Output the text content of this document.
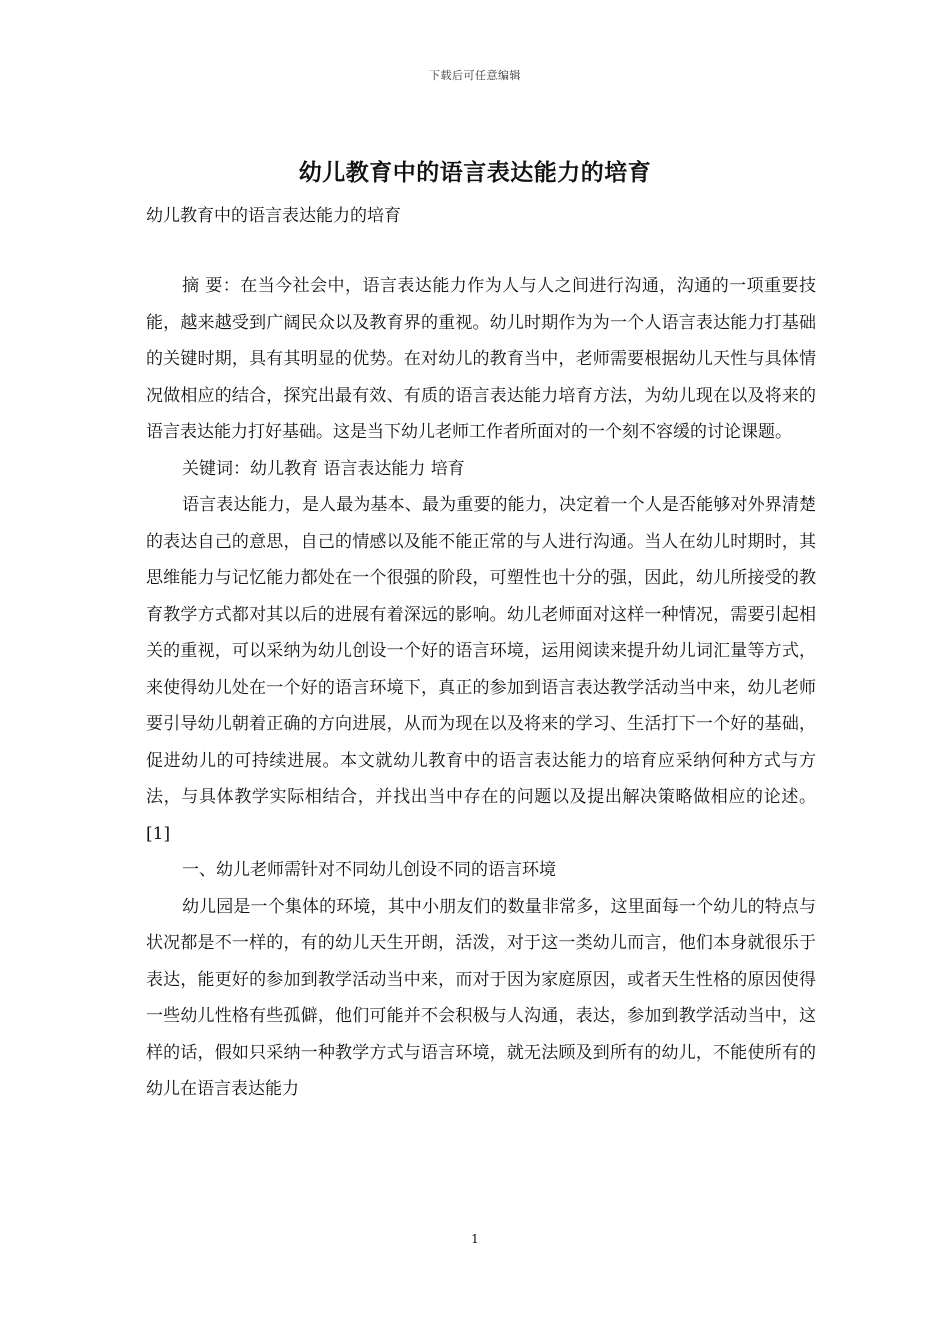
下载后可任意编辑
幼儿教育中的语言表达能力的培育
幼儿教育中的语言表达能力的培育

摘 要：在当今社会中，语言表达能力作为人与人之间进行沟通，沟通的一项重要技能，越来越受到广阔民众以及教育界的重视。幼儿时期作为为一个人语言表达能力打基础的关键时期，具有其明显的优势。在对幼儿的教育当中，老师需要根据幼儿天性与具体情况做相应的结合，探究出最有效、有质的语言表达能力培育方法，为幼儿现在以及将来的语言表达能力打好基础。这是当下幼儿老师工作者所面对的一个刻不容缓的讨论课题。

关键词：幼儿教育 语言表达能力 培育

语言表达能力，是人最为基本、最为重要的能力，决定着一个人是否能够对外界清楚的表达自己的意思，自己的情感以及能不能正常的与人进行沟通。当人在幼儿时期时，其思维能力与记忆能力都处在一个很强的阶段，可塑性也十分的强，因此，幼儿所接受的教育教学方式都对其以后的进展有着深远的影响。幼儿老师面对这样一种情况，需要引起相关的重视，可以采纳为幼儿创设一个好的语言环境，运用阅读来提升幼儿词汇量等方式，来使得幼儿处在一个好的语言环境下，真正的参加到语言表达教学活动当中来，幼儿老师要引导幼儿朝着正确的方向进展，从而为现在以及将来的学习、生活打下一个好的基础，促进幼儿的可持续进展。本文就幼儿教育中的语言表达能力的培育应采纳何种方式与方法，与具体教学实际相结合，并找出当中存在的问题以及提出解决策略做相应的论述。[1]

一、幼儿老师需针对不同幼儿创设不同的语言环境

幼儿园是一个集体的环境，其中小朋友们的数量非常多，这里面每一个幼儿的特点与状况都是不一样的，有的幼儿天生开朗，活泼，对于这一类幼儿而言，他们本身就很乐于表达，能更好的参加到教学活动当中来，而对于因为家庭原因，或者天生性格的原因使得一些幼儿性格有些孤僻，他们可能并不会积极与人沟通，表达，参加到教学活动当中，这样的话，假如只采纳一种教学方式与语言环境，就无法顾及到所有的幼儿，不能使所有的幼儿在语言表达能力

1
